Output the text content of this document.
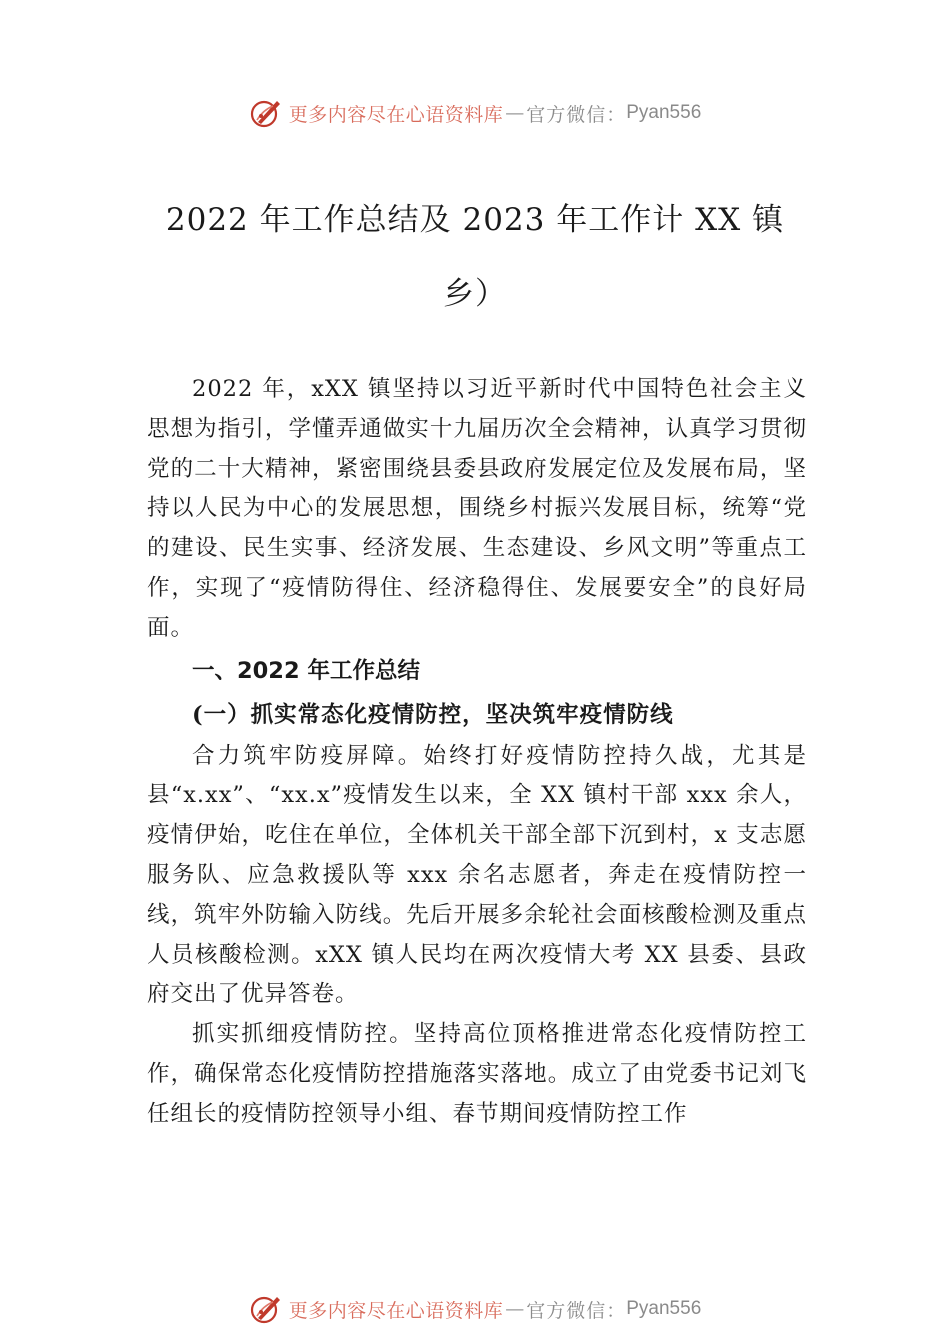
更多内容尽在心语资料库 — 官方微信： Pyan556
2022 年工作总结及 2023 年工作计 XX 镇
乡）

2022 年，xXX 镇坚持以习近平新时代中国特色社会主义思想为指引，学懂弄通做实十九届历次全会精神，认真学习贯彻党的二十大精神，紧密围绕县委县政府发展定位及发展布局，坚持以人民为中心的发展思想，围绕乡村振兴发展目标，统筹“党的建设、民生实事、经济发展、生态建设、乡风文明”等重点工作，实现了“疫情防得住、经济稳得住、发展要安全”的良好局面。

一、2022 年工作总结

(一）抓实常态化疫情防控，坚决筑牢疫情防线

合力筑牢防疫屏障。始终打好疫情防控持久战，尤其是县“x.xx”、“xx.x”疫情发生以来，全 XX 镇村干部 xxx 余人，疫情伊始，吃住在单位，全体机关干部全部下沉到村，x 支志愿服务队、应急救援队等 xxx 余名志愿者，奔走在疫情防控一线，筑牢外防输入防线。先后开展多余轮社会面核酸检测及重点人员核酸检测。xXX 镇人民均在两次疫情大考 XX 县委、县政府交出了优异答卷。

抓实抓细疫情防控。坚持高位顶格推进常态化疫情防控工作，确保常态化疫情防控措施落实落地。成立了由党委书记刘飞任组长的疫情防控领导小组、春节期间疫情防控工作

更多内容尽在心语资料库 — 官方微信： Pyan556
